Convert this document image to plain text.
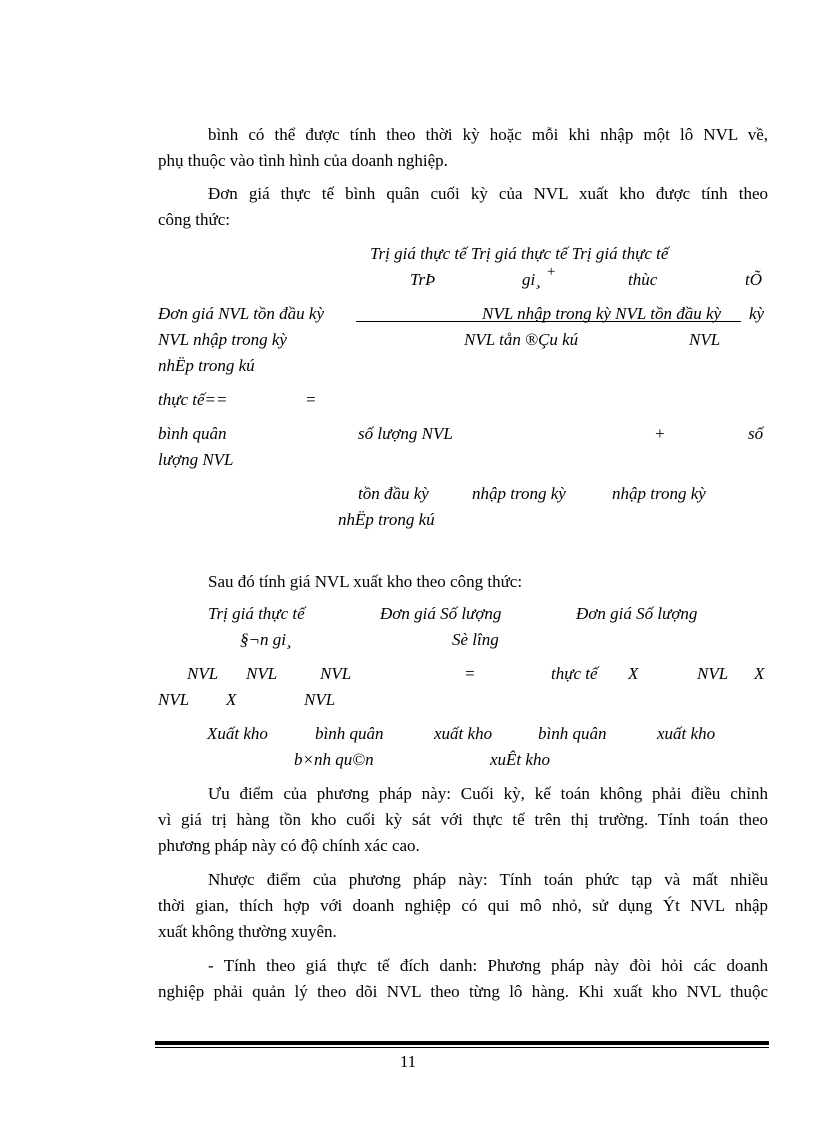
bình có thể được tính theo thời kỳ hoặc mỗi khi nhập một lô NVL về,
phụ thuộc vào tình hình của doanh nghiệp.
Đơn giá thực tế bình quân cuối kỳ của NVL xuất kho được tính theo
công thức:
Trị giá thực tế Trị giá thực tế Trị giá thực tế
TrÞ	gi¸ +	thùc	tÕ
Đơn giá NVL tồn đầu kỳ	NVL nhập trong kỳ NVL tồn đầu kỳ kỳ
NVL nhập trong kỳ	NVL tån ®Çu kú	NVL
nhËp trong kú
thực tế==	=
bình quân	số lượng NVL	+	số
lượng NVL
tồn đầu kỳ	nhập trong kỳ	nhập trong kỳ
nhËp trong kú
Sau đó tính giá NVL xuất kho theo công thức:
Trị giá thực tế	Đơn giá Số lượng	Đơn giá Số lượng
§¬n gi¸	Sè lîng
NVL NVL	NVL	=	thực tế X	NVL X
NVL X	NVL
Xuất kho	bình quân	xuất kho	bình quân	xuất kho
b×nh qu©n	xuÊt kho
Ưu điểm của phương pháp này: Cuối kỳ, kế toán không phải điều chỉnh
vì giá trị hàng tồn kho cuối kỳ sát với thực tế trên thị trường. Tính toán theo
phương pháp này có độ chính xác cao.
Nhược điểm của phương pháp này: Tính toán phức tạp và mất nhiều
thời gian, thích hợp với doanh nghiệp có qui mô nhỏ, sử dụng Ýt NVL nhập
xuất không thường xuyên.
- Tính theo giá thực tế đích danh: Phương pháp này đòi hỏi các doanh
nghiệp phải quản lý theo dõi NVL theo từng lô hàng. Khi xuất kho NVL thuộc
11
